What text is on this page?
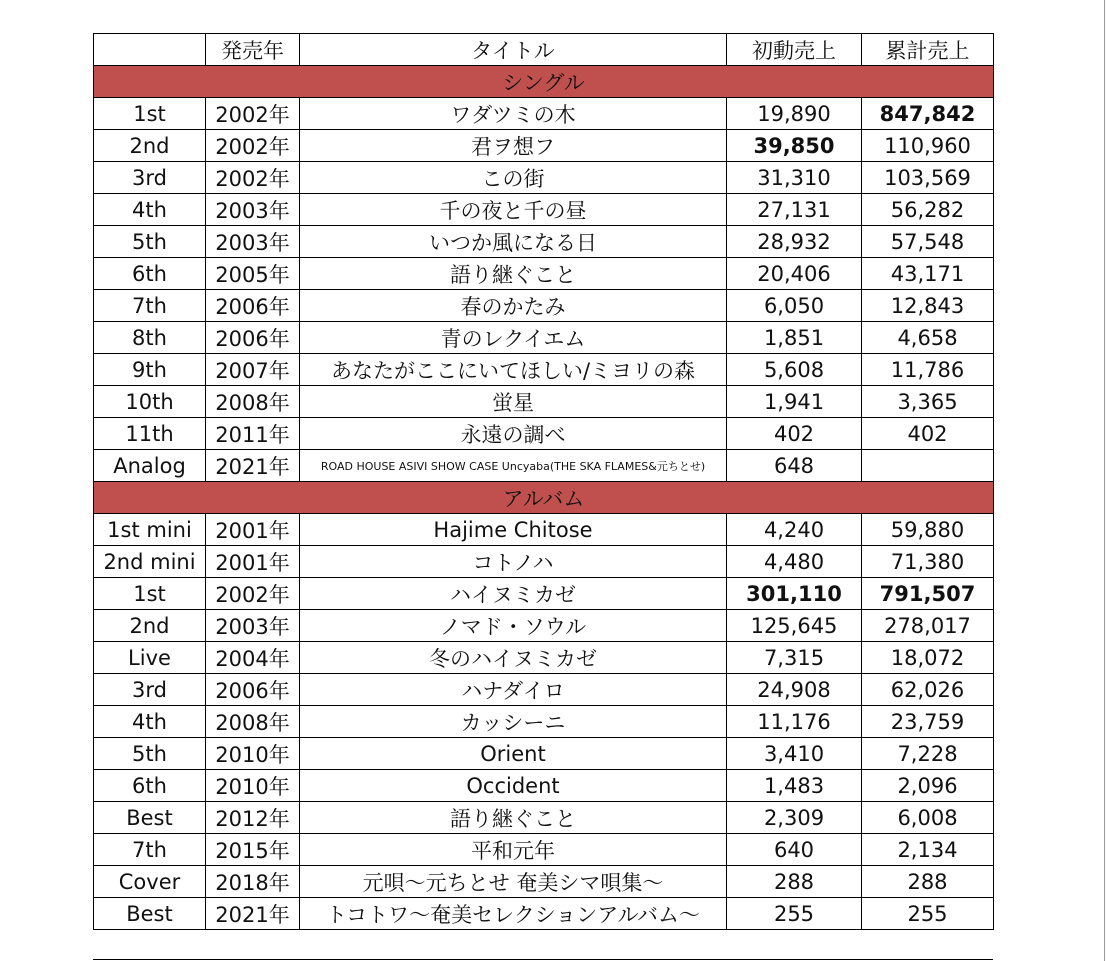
	発売年	タイトル	初動売上	累計売上
シングル				
1st	2002年	ワダツミの木	19,890	847,842
2nd	2002年	君ヲ想フ	39,850	110,960
3rd	2002年	この街	31,310	103,569
4th	2003年	千の夜と千の昼	27,131	56,282
5th	2003年	いつか風になる日	28,932	57,548
6th	2005年	語り継ぐこと	20,406	43,171
7th	2006年	春のかたみ	6,050	12,843
8th	2006年	青のレクイエム	1,851	4,658
9th	2007年	あなたがここにいてほしい/ミヨリの森	5,608	11,786
10th	2008年	蛍星	1,941	3,365
11th	2011年	永遠の調べ	402	402
Analog	2021年	ROAD HOUSE ASIVI SHOW CASE Uncyaba(THE SKA FLAMES&元ちとせ)	648	
アルバム				
1st mini	2001年	Hajime Chitose	4,240	59,880
2nd mini	2001年	コトノハ	4,480	71,380
1st	2002年	ハイヌミカゼ	301,110	791,507
2nd	2003年	ノマド・ソウル	125,645	278,017
Live	2004年	冬のハイヌミカゼ	7,315	18,072
3rd	2006年	ハナダイロ	24,908	62,026
4th	2008年	カッシーニ	11,176	23,759
5th	2010年	Orient	3,410	7,228
6th	2010年	Occident	1,483	2,096
Best	2012年	語り継ぐこと	2,309	6,008
7th	2015年	平和元年	640	2,134
Cover	2018年	元唄～元ちとせ 奄美シマ唄集～	288	288
Best	2021年	トコトワ～奄美セレクションアルバム～	255	255
